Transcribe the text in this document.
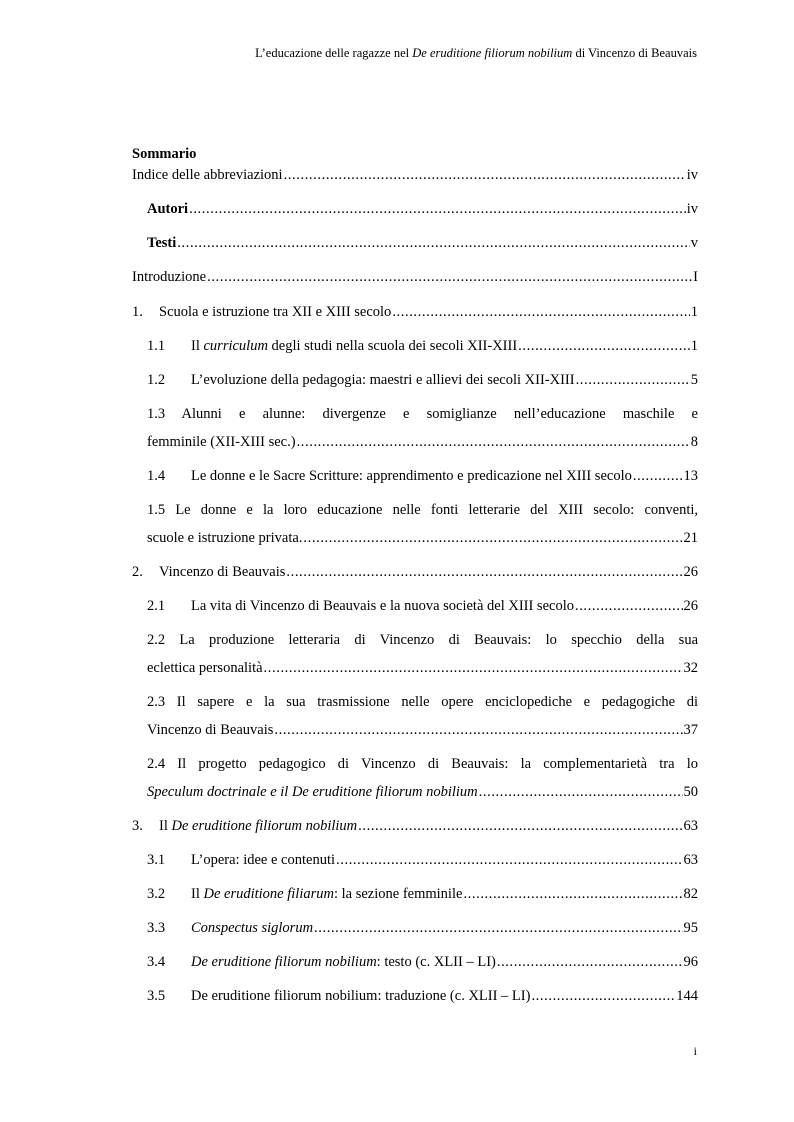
L’educazione delle ragazze nel De eruditione filiorum nobilium di Vincenzo di Beauvais
Sommario
Indice delle abbreviazioni .....	iv
Autori .....	iv
Testi .....	v
Introduzione .....	I
1.	Scuola e istruzione tra XII e XIII secolo .....	1
1.1	Il curriculum degli studi nella scuola dei secoli XII-XIII .....	1
1.2	L’evoluzione della pedagogia: maestri e allievi dei secoli XII-XIII .....	5
1.3 Alunni e alunne: divergenze e somiglianze nell’educazione maschile e
femminile (XII-XIII sec.) .....	8
1.4	Le donne e le Sacre Scritture: apprendimento e predicazione nel XIII secolo .....	13
1.5 Le donne e la loro educazione nelle fonti letterarie del XIII secolo: conventi,
scuole e istruzione privata. .....	21
2.	Vincenzo di Beauvais .....	26
2.1	La vita di Vincenzo di Beauvais e la nuova società del XIII secolo .....	26
2.2 La produzione letteraria di Vincenzo di Beauvais: lo specchio della sua
eclettica personalità .....	32
2.3 Il sapere e la sua trasmissione nelle opere enciclopediche e pedagogiche di
Vincenzo di Beauvais .....	37
2.4 Il progetto pedagogico di Vincenzo di Beauvais: la complementarietà tra lo
Speculum doctrinale e il De eruditione filiorum nobilium .....	50
3.	Il De eruditione filiorum nobilium .....	63
3.1	L’opera: idee e contenuti .....	63
3.2	Il De eruditione filiarum: la sezione femminile .....	82
3.3	Conspectus siglorum .....	95
3.4	De eruditione filiorum nobilium: testo (c. XLII – LI) .....	96
3.5	De eruditione filiorum nobilium: traduzione (c. XLII – LI) .....	144
i
